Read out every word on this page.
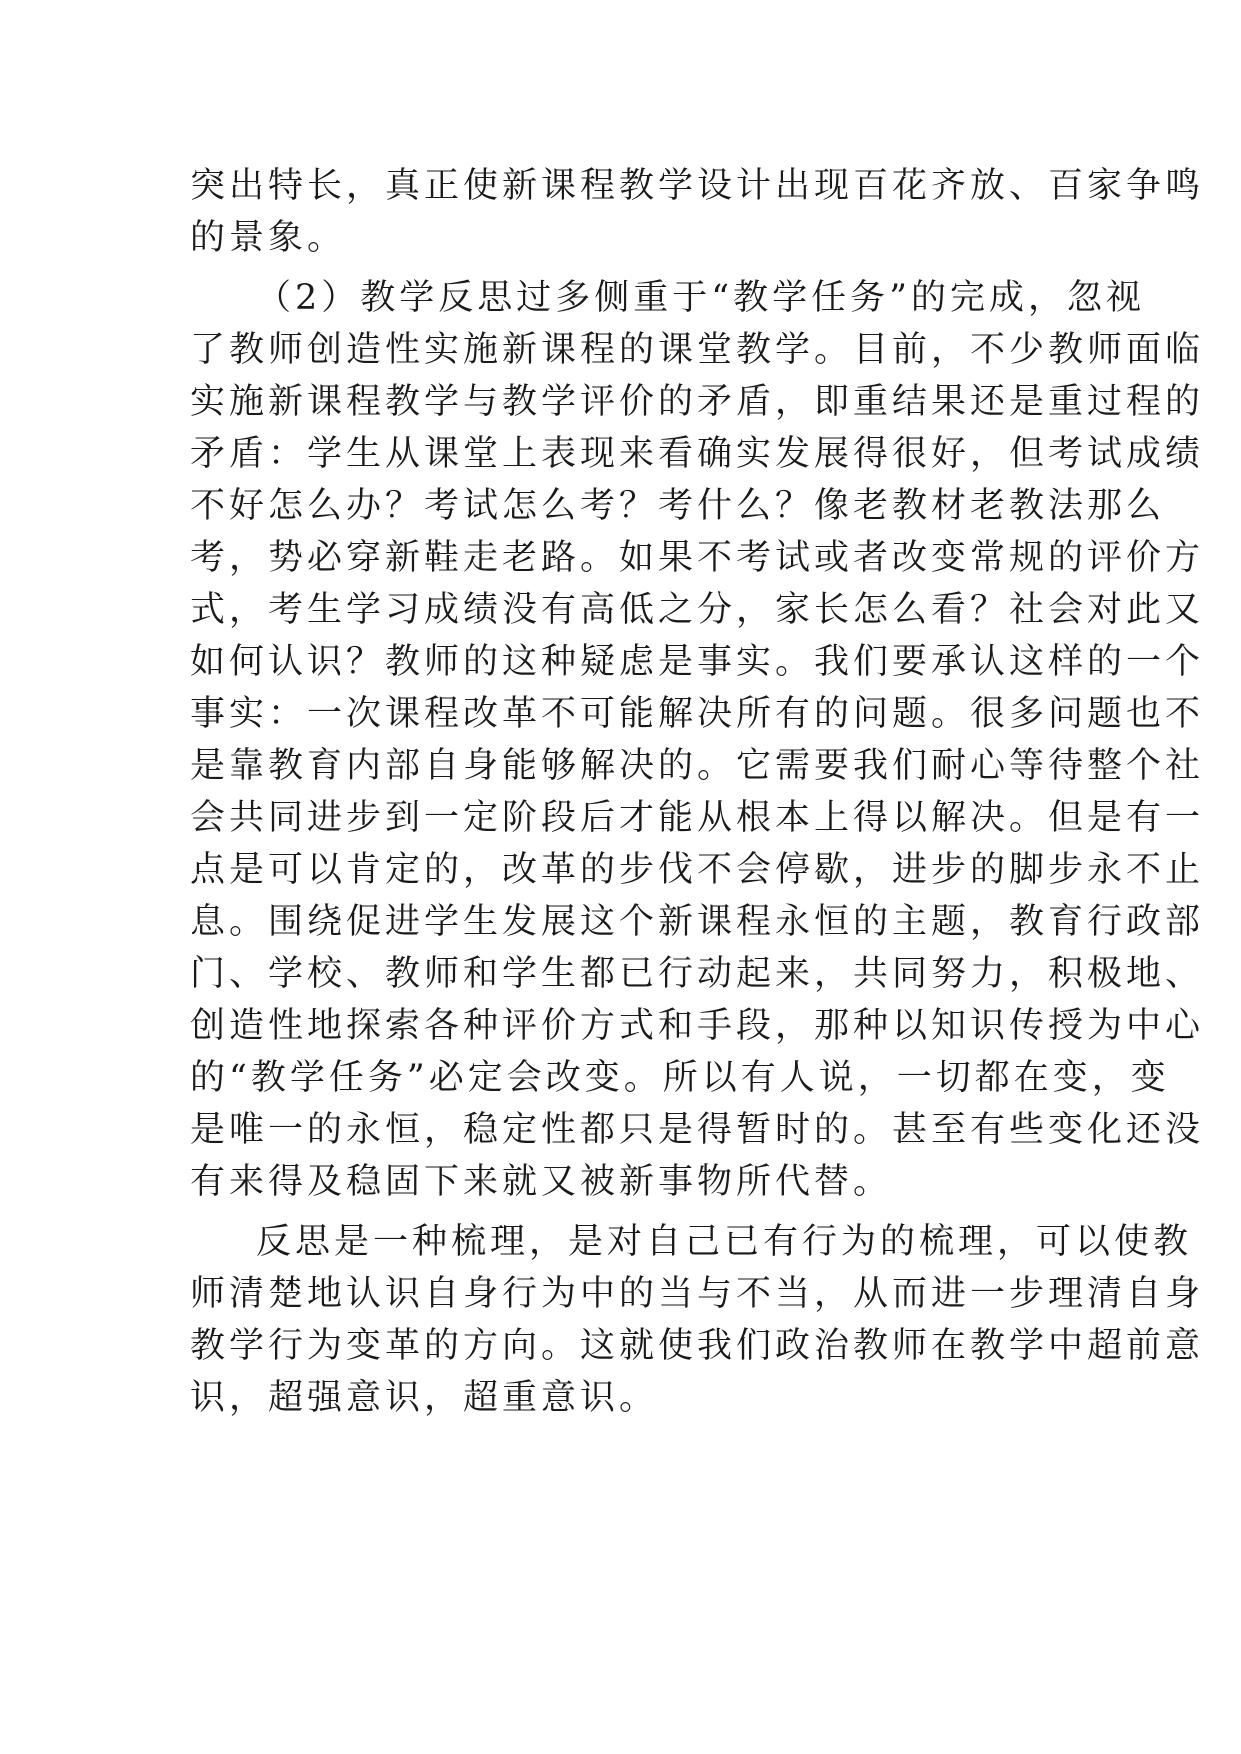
突出特长，真正使新课程教学设计出现百花齐放、百家争鸣
的景象。
（2）教学反思过多侧重于“教学任务”的完成，忽视
了教师创造性实施新课程的课堂教学。目前，不少教师面临
实施新课程教学与教学评价的矛盾，即重结果还是重过程的
矛盾：学生从课堂上表现来看确实发展得很好，但考试成绩
不好怎么办？考试怎么考？考什么？像老教材老教法那么
考，势必穿新鞋走老路。如果不考试或者改变常规的评价方
式，考生学习成绩没有高低之分，家长怎么看？社会对此又
如何认识？教师的这种疑虑是事实。我们要承认这样的一个
事实：一次课程改革不可能解决所有的问题。很多问题也不
是靠教育内部自身能够解决的。它需要我们耐心等待整个社
会共同进步到一定阶段后才能从根本上得以解决。但是有一
点是可以肯定的，改革的步伐不会停歇，进步的脚步永不止
息。围绕促进学生发展这个新课程永恒的主题，教育行政部
门、学校、教师和学生都已行动起来，共同努力，积极地、
创造性地探索各种评价方式和手段，那种以知识传授为中心
的“教学任务”必定会改变。所以有人说，一切都在变，变
是唯一的永恒，稳定性都只是得暂时的。甚至有些变化还没
有来得及稳固下来就又被新事物所代替。
反思是一种梳理，是对自己已有行为的梳理，可以使教
师清楚地认识自身行为中的当与不当，从而进一步理清自身
教学行为变革的方向。这就使我们政治教师在教学中超前意
识，超强意识，超重意识。
